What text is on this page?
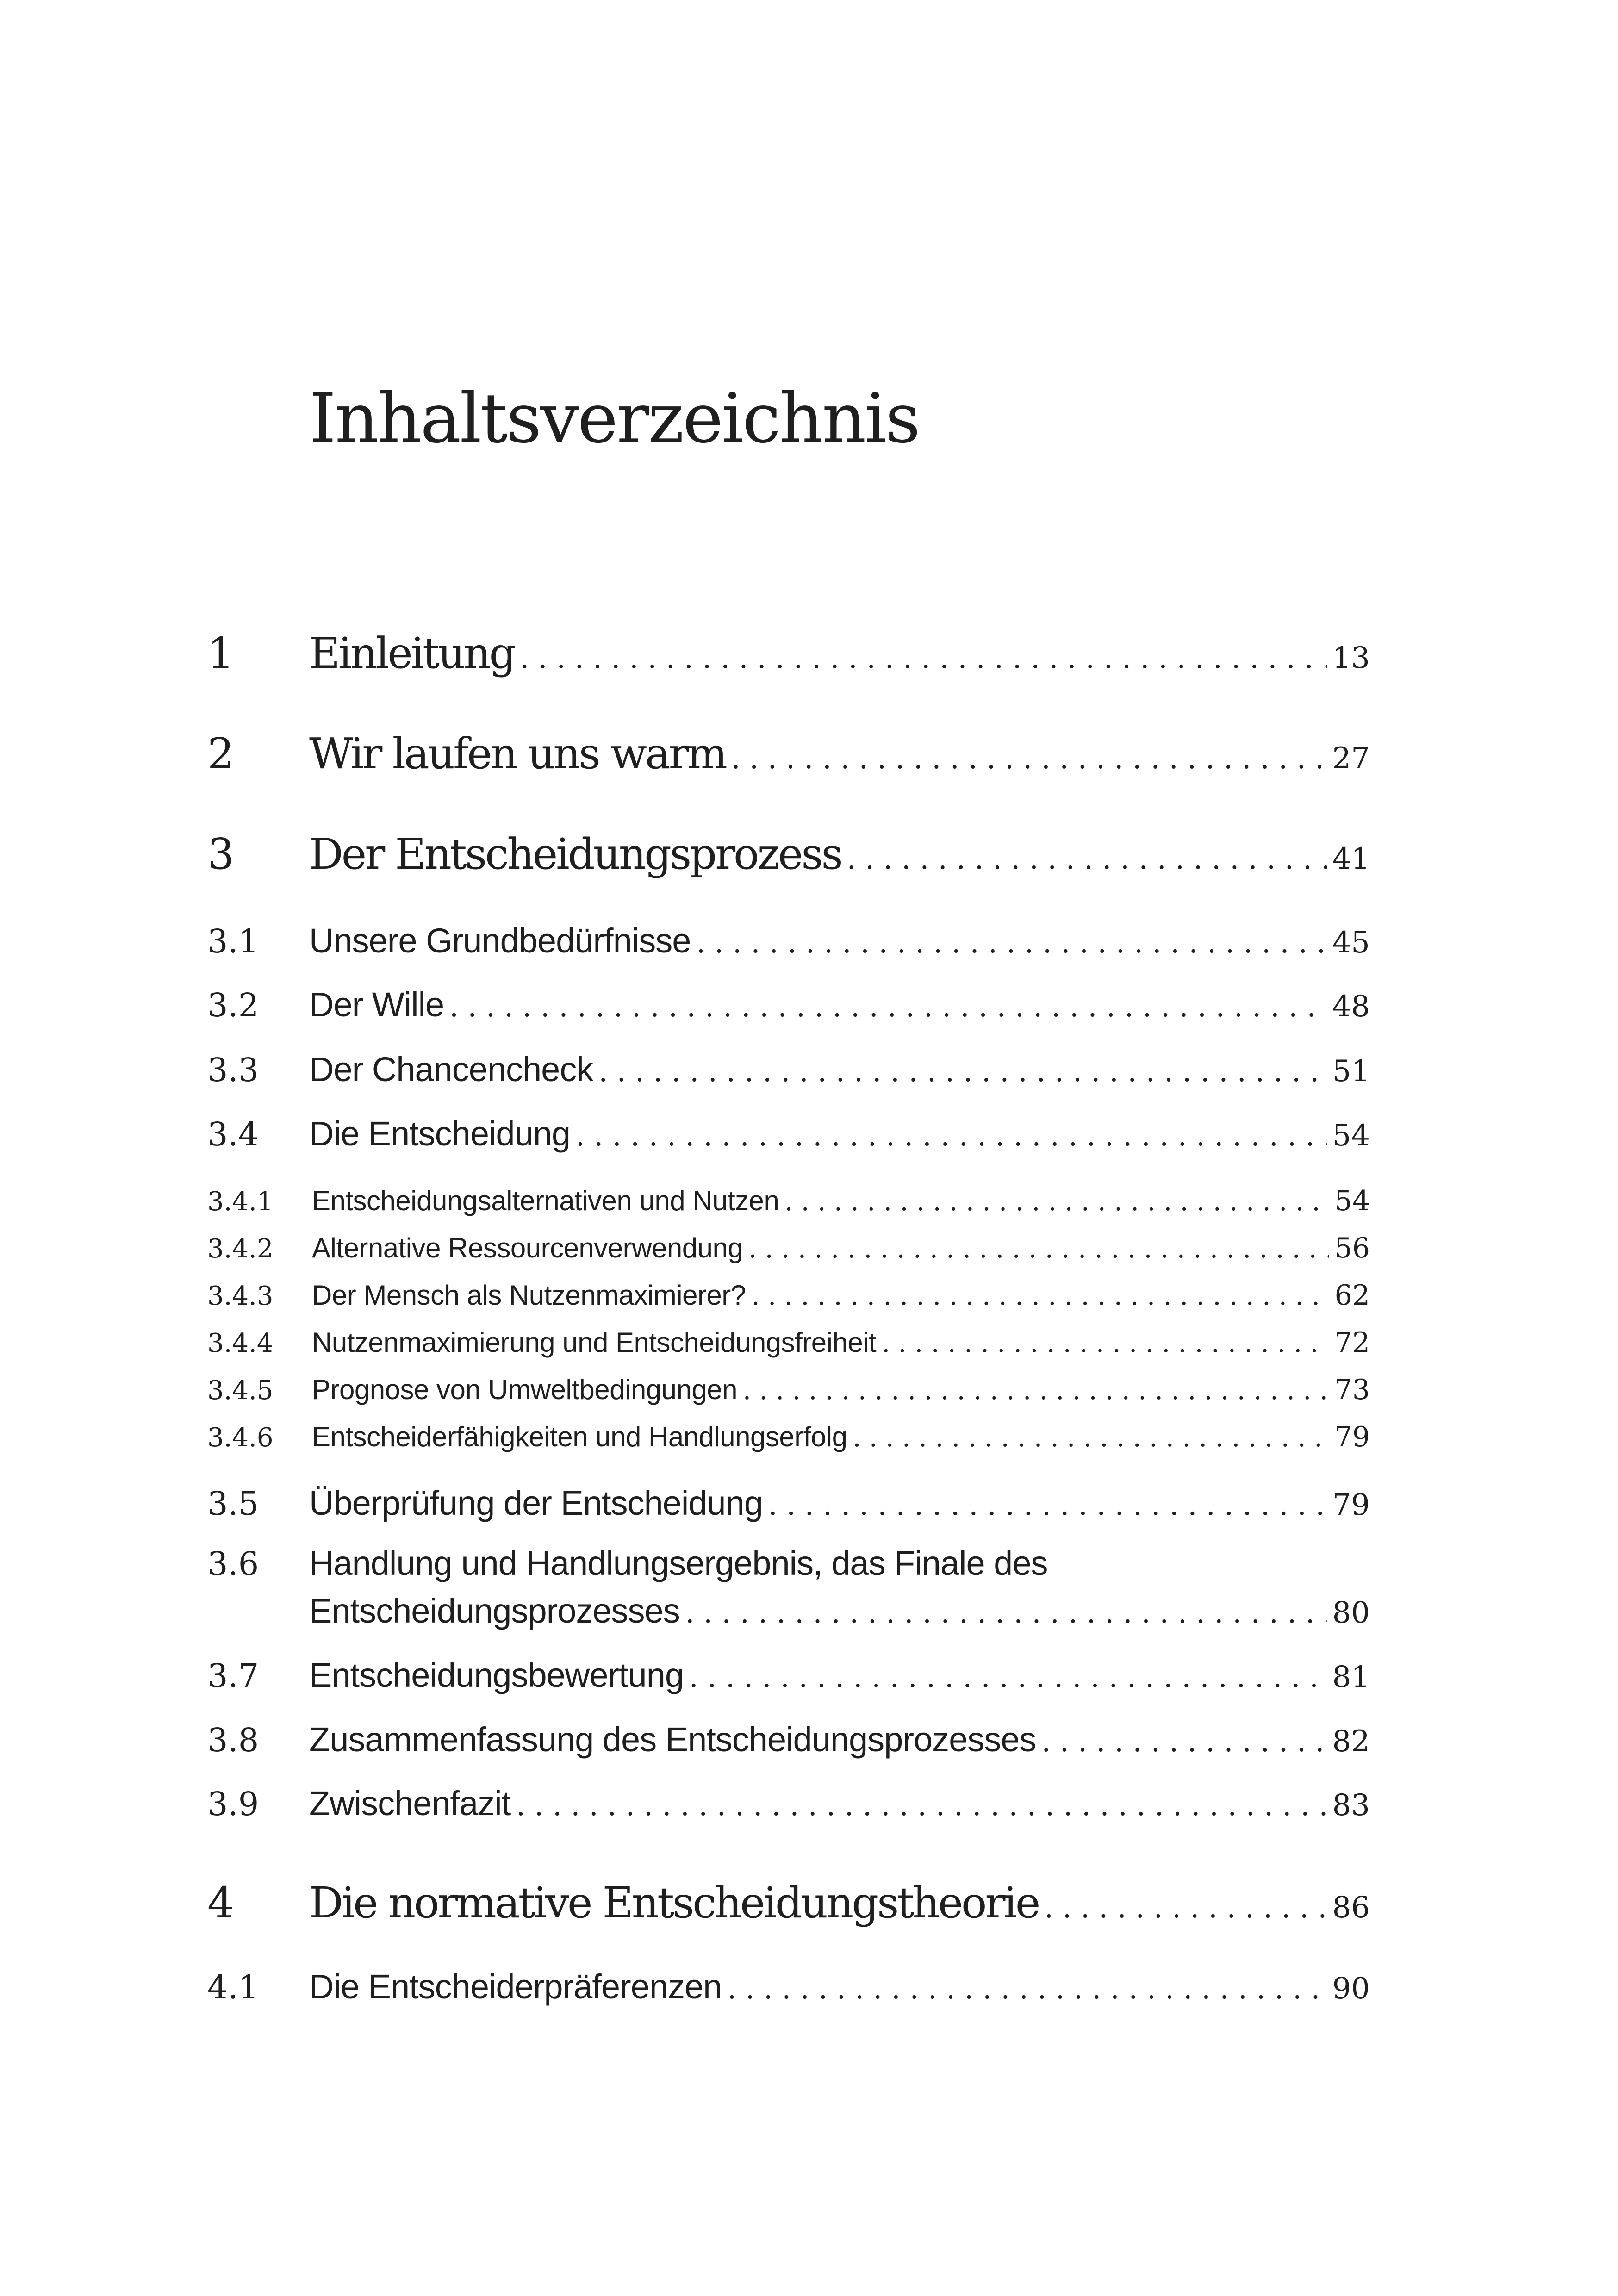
Inhaltsverzeichnis
1	Einleitung . . .	13
2	Wir laufen uns warm . . .	27
3	Der Entscheidungsprozess . . .	41
3.1	Unsere Grundbedürfnisse . . .	45
3.2	Der Wille . . .	48
3.3	Der Chancencheck . . .	51
3.4	Die Entscheidung . . .	54
3.4.1	Entscheidungsalternativen und Nutzen . . .	54
3.4.2	Alternative Ressourcenverwendung . . .	56
3.4.3	Der Mensch als Nutzenmaximierer? . . .	62
3.4.4	Nutzenmaximierung und Entscheidungsfreiheit . . .	72
3.4.5	Prognose von Umweltbedingungen . . .	73
3.4.6	Entscheiderfähigkeiten und Handlungserfolg . . .	79
3.5	Überprüfung der Entscheidung . . .	79
3.6 Handlung und Handlungsergebnis, das Finale des
Entscheidungsprozesses . . .	80
3.7	Entscheidungsbewertung . . .	81
3.8	Zusammenfassung des Entscheidungsprozesses . . .	82
3.9	Zwischenfazit . . .	83
4	Die normative Entscheidungstheorie . . .	86
4.1	Die Entscheiderpräferenzen . . .	90
